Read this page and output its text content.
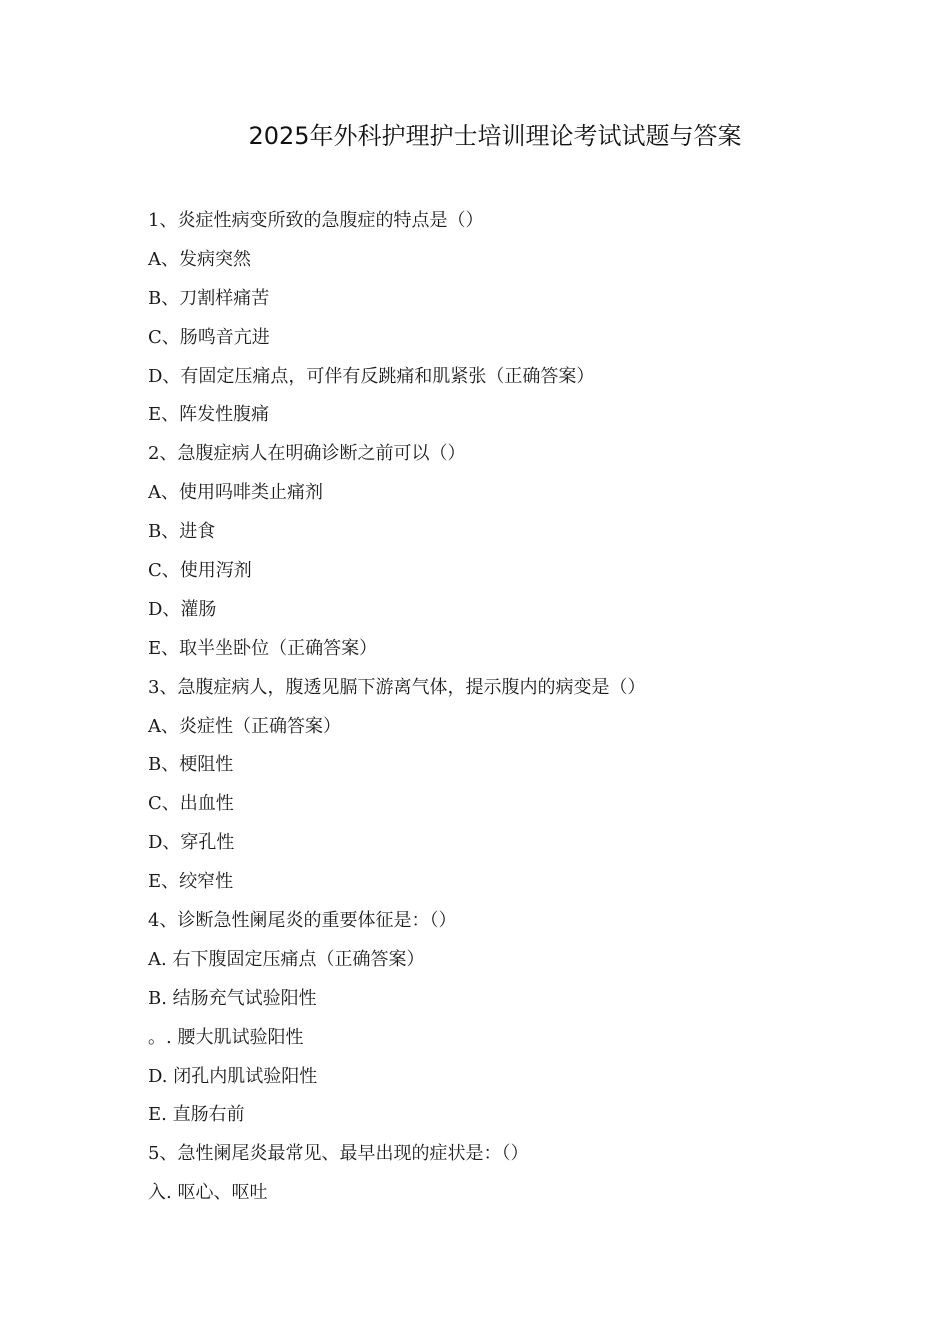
2025年外科护理护士培训理论考试试题与答案
1、炎症性病变所致的急腹症的特点是（）
A、发病突然
B、刀割样痛苦
C、肠鸣音亢进
D、有固定压痛点，可伴有反跳痛和肌紧张（正确答案）
E、阵发性腹痛
2、急腹症病人在明确诊断之前可以（）
A、使用吗啡类止痛剂
B、进食
C、使用泻剂
D、灌肠
E、取半坐卧位（正确答案）
3、急腹症病人，腹透见膈下游离气体，提示腹内的病变是（）
A、炎症性（正确答案）
B、梗阻性
C、出血性
D、穿孔性
E、绞窄性
4、诊断急性阑尾炎的重要体征是：（）
A. 右下腹固定压痛点（正确答案）
B. 结肠充气试验阳性
。. 腰大肌试验阳性
D. 闭孔内肌试验阳性
E. 直肠右前
5、急性阑尾炎最常见、最早出现的症状是：（）
入. 呕心、呕吐
